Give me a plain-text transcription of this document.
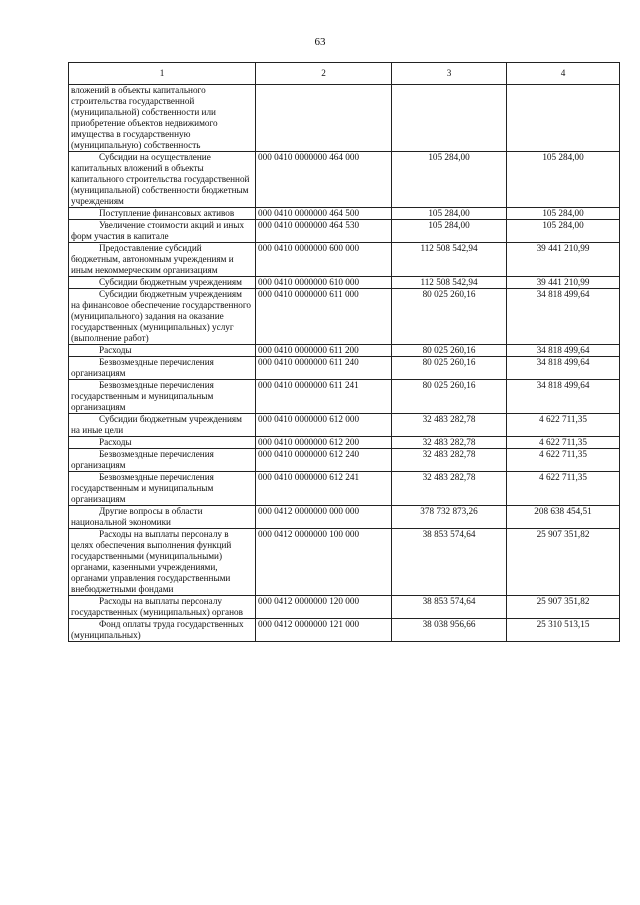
63
1	2	3	4
вложений в объекты капитального строительства государственной (муниципальной) собственности или приобретение объектов недвижимого имущества в государственную (муниципальную) собственность			

Субсидии на осуществление капитальных вложений в объекты капитального строительства государственной (муниципальной) собственности бюджетным учреждениям	000 0410 0000000 464 000	105 284,00	105 284,00

Поступление финансовых активов	000 0410 0000000 464 500	105 284,00	105 284,00

Увеличение стоимости акций и иных форм участия в капитале	000 0410 0000000 464 530	105 284,00	105 284,00

Предоставление субсидий бюджетным, автономным учреждениям и иным некоммерческим организациям	000 0410 0000000 600 000	112 508 542,94	39 441 210,99

Субсидии бюджетным учреждениям	000 0410 0000000 610 000	112 508 542,94	39 441 210,99

Субсидии бюджетным учреждениям на финансовое обеспечение государственного (муниципального) задания на оказание государственных (муниципальных) услуг (выполнение работ)	000 0410 0000000 611 000	80 025 260,16	34 818 499,64

Расходы	000 0410 0000000 611 200	80 025 260,16	34 818 499,64

Безвозмездные перечисления организациям	000 0410 0000000 611 240	80 025 260,16	34 818 499,64

Безвозмездные перечисления государственным и муниципальным организациям	000 0410 0000000 611 241	80 025 260,16	34 818 499,64

Субсидии бюджетным учреждениям на иные цели	000 0410 0000000 612 000	32 483 282,78	4 622 711,35

Расходы	000 0410 0000000 612 200	32 483 282,78	4 622 711,35

Безвозмездные перечисления организациям	000 0410 0000000 612 240	32 483 282,78	4 622 711,35

Безвозмездные перечисления государственным и муниципальным организациям	000 0410 0000000 612 241	32 483 282,78	4 622 711,35

Другие вопросы в области национальной экономики	000 0412 0000000 000 000	378 732 873,26	208 638 454,51

Расходы на выплаты персоналу в целях обеспечения выполнения функций государственными (муниципальными) органами, казенными учреждениями, органами управления государственными внебюджетными фондами	000 0412 0000000 100 000	38 853 574,64	25 907 351,82

Расходы на выплаты персоналу государственных (муниципальных) органов	000 0412 0000000 120 000	38 853 574,64	25 907 351,82

Фонд оплаты труда государственных (муниципальных)	000 0412 0000000 121 000	38 038 956,66	25 310 513,15
